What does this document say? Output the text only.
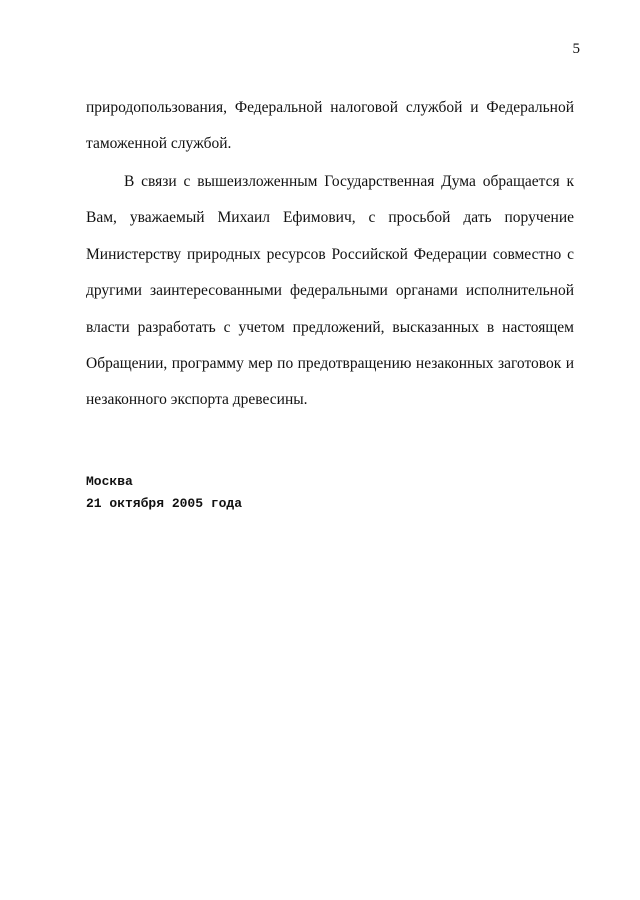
5
природопользования, Федеральной налоговой службой и Федеральной
таможенной службой.
В связи с вышеизложенным Государственная Дума обращается к
Вам, уважаемый Михаил Ефимович, с просьбой дать поручение
Министерству природных ресурсов Российской Федерации совместно с
другими заинтересованными федеральными органами исполнительной
власти разработать с учетом предложений, высказанных в настоящем
Обращении, программу мер по предотвращению незаконных заготовок и
незаконного экспорта древесины.
Москва
21 октября 2005 года
